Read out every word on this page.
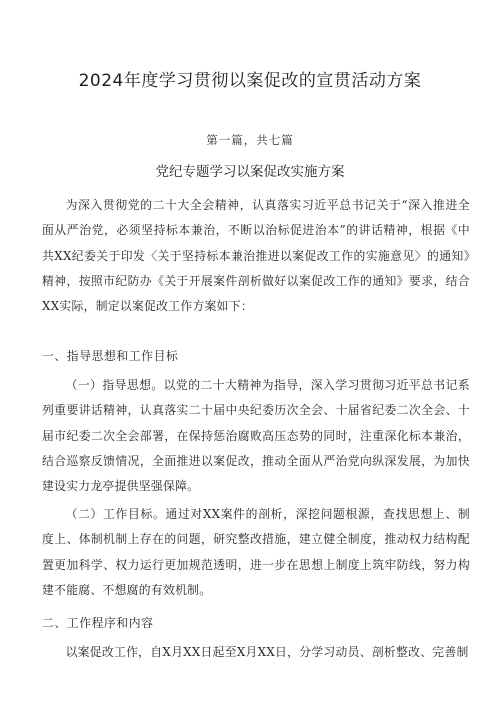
2024年度学习贯彻以案促改的宣贯活动方案
第一篇，共七篇
党纪专题学习以案促改实施方案

为深入贯彻党的二十大全会精神，认真落实习近平总书记关于“深入推进全面从严治党，必须坚持标本兼治，不断以治标促进治本”的讲话精神，根据《中共XX纪委关于印发〈关于坚持标本兼治推进以案促改工作的实施意见〉的通知》精神，按照市纪防办《关于开展案件剖析做好以案促改工作的通知》要求，结合XX实际，制定以案促改工作方案如下：

一、指导思想和工作目标

（一）指导思想。以党的二十大精神为指导，深入学习贯彻习近平总书记系列重要讲话精神，认真落实二十届中央纪委历次全会、十届省纪委二次全会、十届市纪委二次全会部署，在保持惩治腐败高压态势的同时，注重深化标本兼治，结合巡察反馈情况，全面推进以案促改，推动全面从严治党向纵深发展，为加快建设实力龙亭提供坚强保障。

（二）工作目标。通过对XX案件的剖析，深挖问题根源，查找思想上、制度上、体制机制上存在的问题，研究整改措施，建立健全制度，推动权力结构配置更加科学、权力运行更加规范透明，进一步在思想上制度上筑牢防线，努力构建不能腐、不想腐的有效机制。

二、工作程序和内容

以案促改工作，自X月XX日起至X月XX日，分学习动员、剖析整改、完善制
